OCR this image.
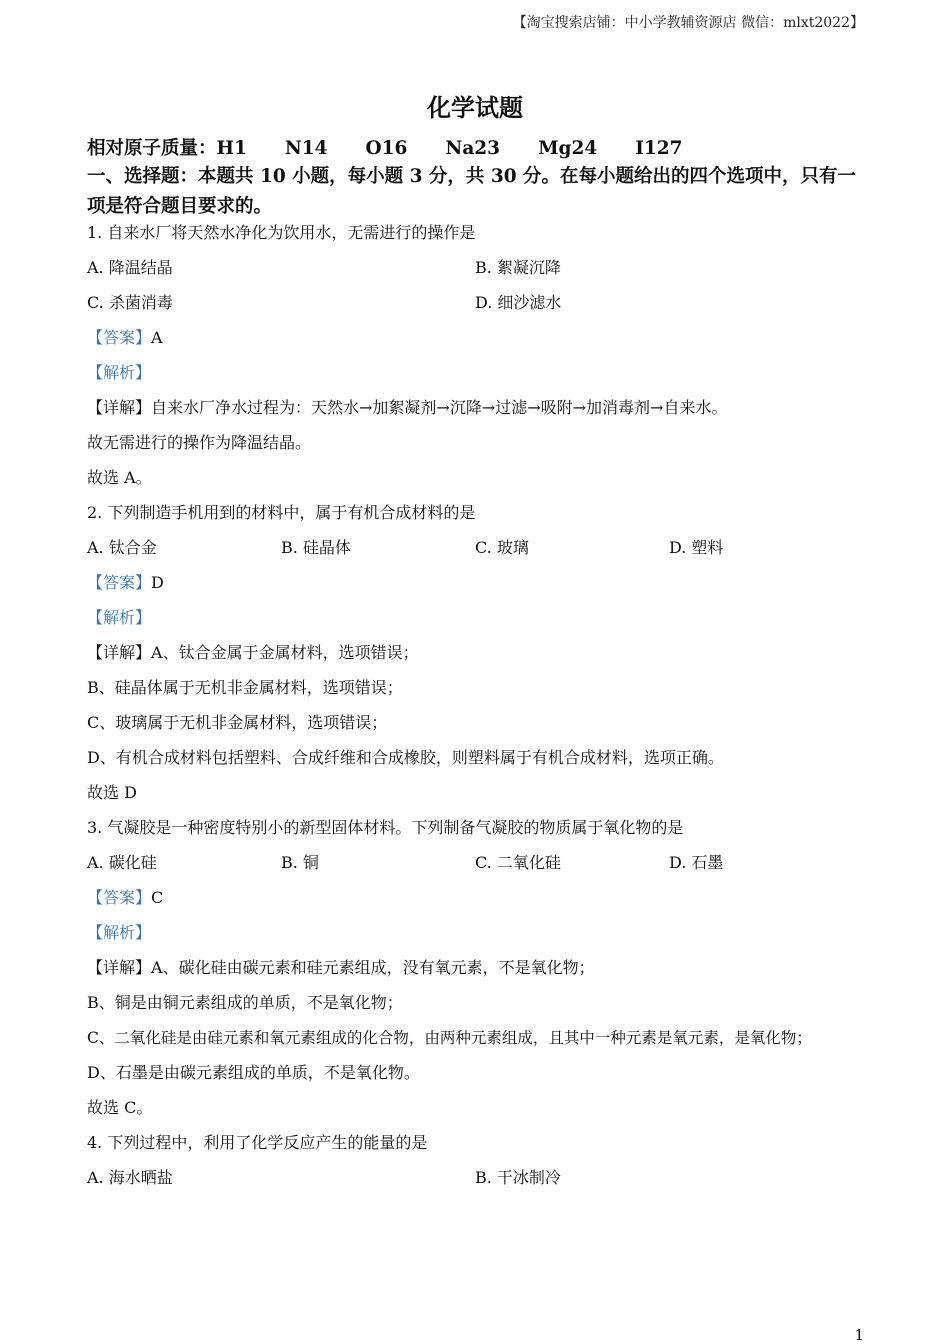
【淘宝搜索店铺：中小学教辅资源店 微信：mlxt2022】
化学试题
相对原子质量：H1 N14 O16 Na23 Mg24 I127
一、选择题：本题共 10 小题，每小题 3 分，共 30 分。在每小题给出的四个选项中，只有一项是符合题目要求的。
1. 自来水厂将天然水净化为饮用水，无需进行的操作是
A. 降温结晶	B. 絮凝沉降
C. 杀菌消毒	D. 细沙滤水
【答案】A
【解析】
【详解】自来水厂净水过程为：天然水→加絮凝剂→沉降→过滤→吸附→加消毒剂→自来水。
故无需进行的操作为降温结晶。
故选 A。
2. 下列制造手机用到的材料中，属于有机合成材料的是
A. 钛合金	B. 硅晶体	C. 玻璃	D. 塑料
【答案】D
【解析】
【详解】A、钛合金属于金属材料，选项错误；
B、硅晶体属于无机非金属材料，选项错误；
C、玻璃属于无机非金属材料，选项错误；
D、有机合成材料包括塑料、合成纤维和合成橡胶，则塑料属于有机合成材料，选项正确。
故选 D
3. 气凝胶是一种密度特别小的新型固体材料。下列制备气凝胶的物质属于氧化物的是
A. 碳化硅	B. 铜	C. 二氧化硅	D. 石墨
【答案】C
【解析】
【详解】A、碳化硅由碳元素和硅元素组成，没有氧元素，不是氧化物；
B、铜是由铜元素组成的单质，不是氧化物；
C、二氧化硅是由硅元素和氧元素组成的化合物，由两种元素组成，且其中一种元素是氧元素，是氧化物；
D、石墨是由碳元素组成的单质，不是氧化物。
故选 C。
4. 下列过程中，利用了化学反应产生的能量的是
A. 海水晒盐	B. 干冰制冷
1
